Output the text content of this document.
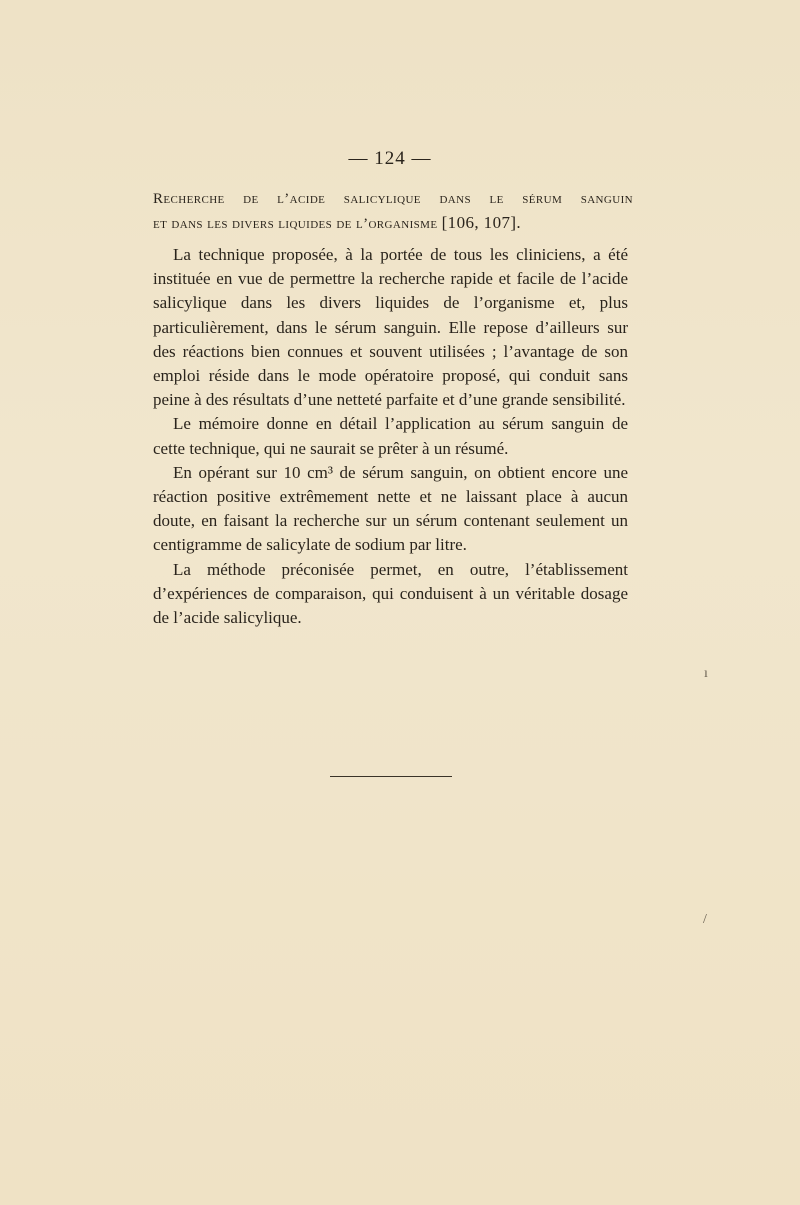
— 124 —
Recherche de l’acide salicylique dans le sérum sanguin
et dans les divers liquides de l’organisme [106, 107].

La technique proposée, à la portée de tous les cliniciens, a été instituée en vue de permettre la recherche rapide et facile de l’acide salicylique dans les divers liquides de l’organisme et, plus particulièrement, dans le sérum sanguin. Elle repose d’ailleurs sur des réactions bien connues et souvent utilisées ; l’avantage de son emploi réside dans le mode opératoire proposé, qui conduit sans peine à des résultats d’une netteté parfaite et d’une grande sensibilité.

Le mémoire donne en détail l’application au sérum sanguin de cette technique, qui ne saurait se prêter à un résumé.

En opérant sur 10 cm³ de sérum sanguin, on obtient encore une réaction positive extrêmement nette et ne laissant place à aucun doute, en faisant la recherche sur un sérum contenant seulement un centigramme de salicylate de sodium par litre.

La méthode préconisée permet, en outre, l’établissement d’expériences de comparaison, qui conduisent à un véritable dosage de l’acide salicylique.

ı
/
